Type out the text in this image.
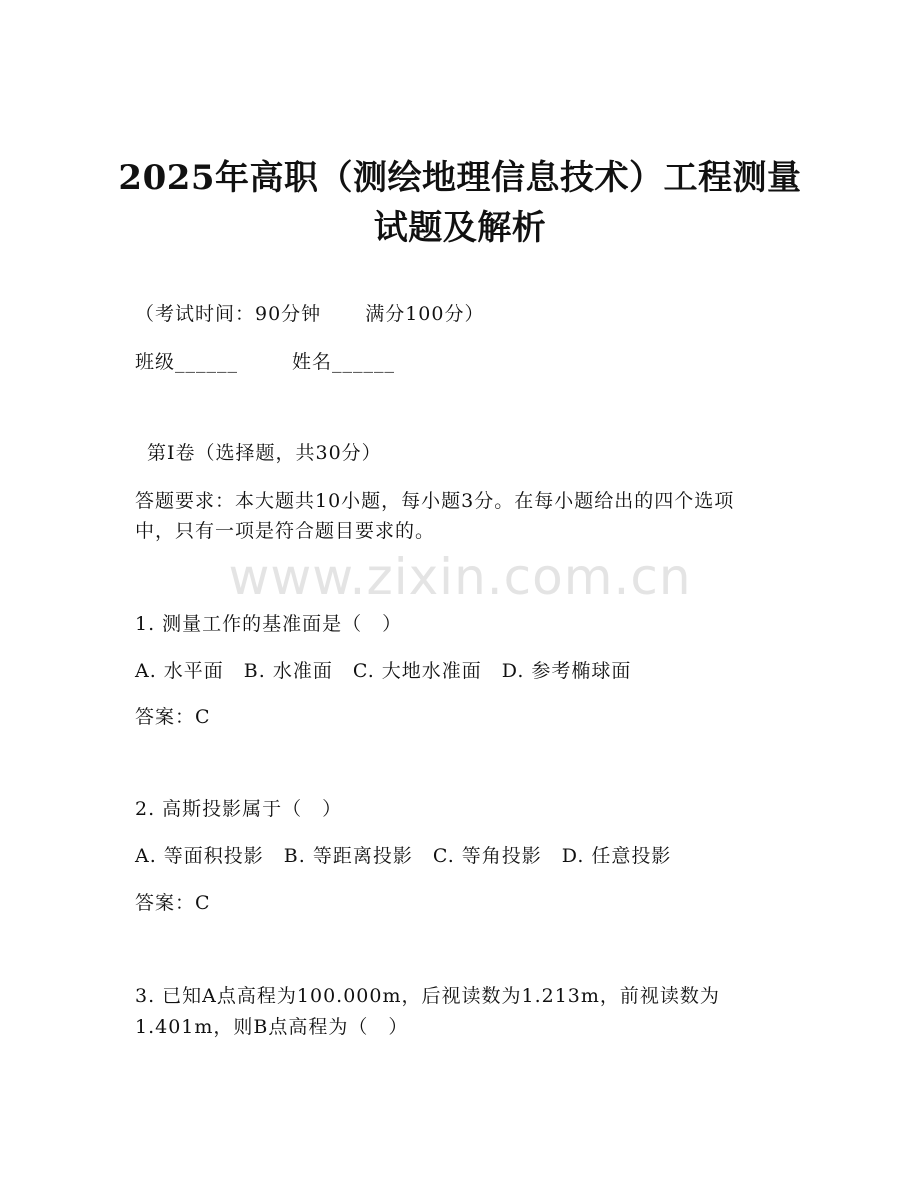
2025年高职（测绘地理信息技术）工程测量
试题及解析
（考试时间：90分钟 满分100分）
班级______	姓名______
第I卷（选择题，共30分）
答题要求：本大题共10小题，每小题3分。在每小题给出的四个选项
中，只有一项是符合题目要求的。
www.zixin.com.cn
1. 测量工作的基准面是（　）
A. 水平面　B. 水准面　C. 大地水准面　D. 参考椭球面
答案：C
2. 高斯投影属于（　）
A. 等面积投影　B. 等距离投影　C. 等角投影　D. 任意投影
答案：C
3. 已知A点高程为100.000m，后视读数为1.213m，前视读数为
1.401m，则B点高程为（　）
